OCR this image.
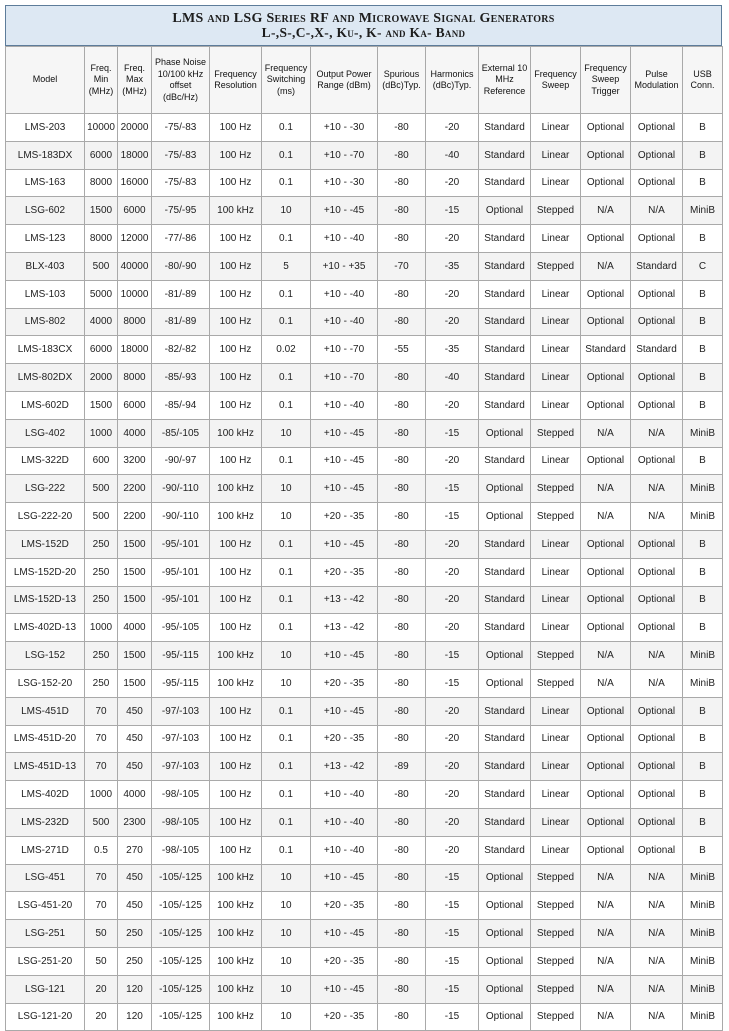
LMS and LSG Series RF and Microwave Signal Generators
L-,S-,C-,X-, Ku-, K- and Ka- Band
Model	Freq. Min (MHz)	Freq. Max (MHz)	Phase Noise 10/100 kHz offset (dBc/Hz)	Frequency Resolution	Frequency Switching (ms)	Output Power Range (dBm)	Spurious (dBc)Typ.	Harmonics (dBc)Typ.	External 10 MHz Reference	Frequency Sweep	Frequency Sweep Trigger	Pulse Modulation	USB Conn.
LMS-203	10000	20000	-75/-83	100 Hz	0.1	+10 - -30	-80	-20	Standard	Linear	Optional	Optional	B
LMS-183DX	6000	18000	-75/-83	100 Hz	0.1	+10 - -70	-80	-40	Standard	Linear	Optional	Optional	B
LMS-163	8000	16000	-75/-83	100 Hz	0.1	+10 - -30	-80	-20	Standard	Linear	Optional	Optional	B
LSG-602	1500	6000	-75/-95	100 kHz	10	+10 - -45	-80	-15	Optional	Stepped	N/A	N/A	MiniB
LMS-123	8000	12000	-77/-86	100 Hz	0.1	+10 - -40	-80	-20	Standard	Linear	Optional	Optional	B
BLX-403	500	40000	-80/-90	100 Hz	5	+10 - +35	-70	-35	Standard	Stepped	N/A	Standard	C
LMS-103	5000	10000	-81/-89	100 Hz	0.1	+10 - -40	-80	-20	Standard	Linear	Optional	Optional	B
LMS-802	4000	8000	-81/-89	100 Hz	0.1	+10 - -40	-80	-20	Standard	Linear	Optional	Optional	B
LMS-183CX	6000	18000	-82/-82	100 Hz	0.02	+10 - -70	-55	-35	Standard	Linear	Standard	Standard	B
LMS-802DX	2000	8000	-85/-93	100 Hz	0.1	+10 - -70	-80	-40	Standard	Linear	Optional	Optional	B
LMS-602D	1500	6000	-85/-94	100 Hz	0.1	+10 - -40	-80	-20	Standard	Linear	Optional	Optional	B
LSG-402	1000	4000	-85/-105	100 kHz	10	+10 - -45	-80	-15	Optional	Stepped	N/A	N/A	MiniB
LMS-322D	600	3200	-90/-97	100 Hz	0.1	+10 - -45	-80	-20	Standard	Linear	Optional	Optional	B
LSG-222	500	2200	-90/-110	100 kHz	10	+10 - -45	-80	-15	Optional	Stepped	N/A	N/A	MiniB
LSG-222-20	500	2200	-90/-110	100 kHz	10	+20 - -35	-80	-15	Optional	Stepped	N/A	N/A	MiniB
LMS-152D	250	1500	-95/-101	100 Hz	0.1	+10 - -45	-80	-20	Standard	Linear	Optional	Optional	B
LMS-152D-20	250	1500	-95/-101	100 Hz	0.1	+20 - -35	-80	-20	Standard	Linear	Optional	Optional	B
LMS-152D-13	250	1500	-95/-101	100 Hz	0.1	+13 - -42	-80	-20	Standard	Linear	Optional	Optional	B
LMS-402D-13	1000	4000	-95/-105	100 Hz	0.1	+13 - -42	-80	-20	Standard	Linear	Optional	Optional	B
LSG-152	250	1500	-95/-115	100 kHz	10	+10 - -45	-80	-15	Optional	Stepped	N/A	N/A	MiniB
LSG-152-20	250	1500	-95/-115	100 kHz	10	+20 - -35	-80	-15	Optional	Stepped	N/A	N/A	MiniB
LMS-451D	70	450	-97/-103	100 Hz	0.1	+10 - -45	-80	-20	Standard	Linear	Optional	Optional	B
LMS-451D-20	70	450	-97/-103	100 Hz	0.1	+20 - -35	-80	-20	Standard	Linear	Optional	Optional	B
LMS-451D-13	70	450	-97/-103	100 Hz	0.1	+13 - -42	-89	-20	Standard	Linear	Optional	Optional	B
LMS-402D	1000	4000	-98/-105	100 Hz	0.1	+10 - -40	-80	-20	Standard	Linear	Optional	Optional	B
LMS-232D	500	2300	-98/-105	100 Hz	0.1	+10 - -40	-80	-20	Standard	Linear	Optional	Optional	B
LMS-271D	0.5	270	-98/-105	100 Hz	0.1	+10 - -40	-80	-20	Standard	Linear	Optional	Optional	B
LSG-451	70	450	-105/-125	100 kHz	10	+10 - -45	-80	-15	Optional	Stepped	N/A	N/A	MiniB
LSG-451-20	70	450	-105/-125	100 kHz	10	+20 - -35	-80	-15	Optional	Stepped	N/A	N/A	MiniB
LSG-251	50	250	-105/-125	100 kHz	10	+10 - -45	-80	-15	Optional	Stepped	N/A	N/A	MiniB
LSG-251-20	50	250	-105/-125	100 kHz	10	+20 - -35	-80	-15	Optional	Stepped	N/A	N/A	MiniB
LSG-121	20	120	-105/-125	100 kHz	10	+10 - -45	-80	-15	Optional	Stepped	N/A	N/A	MiniB
LSG-121-20	20	120	-105/-125	100 kHz	10	+20 - -35	-80	-15	Optional	Stepped	N/A	N/A	MiniB
